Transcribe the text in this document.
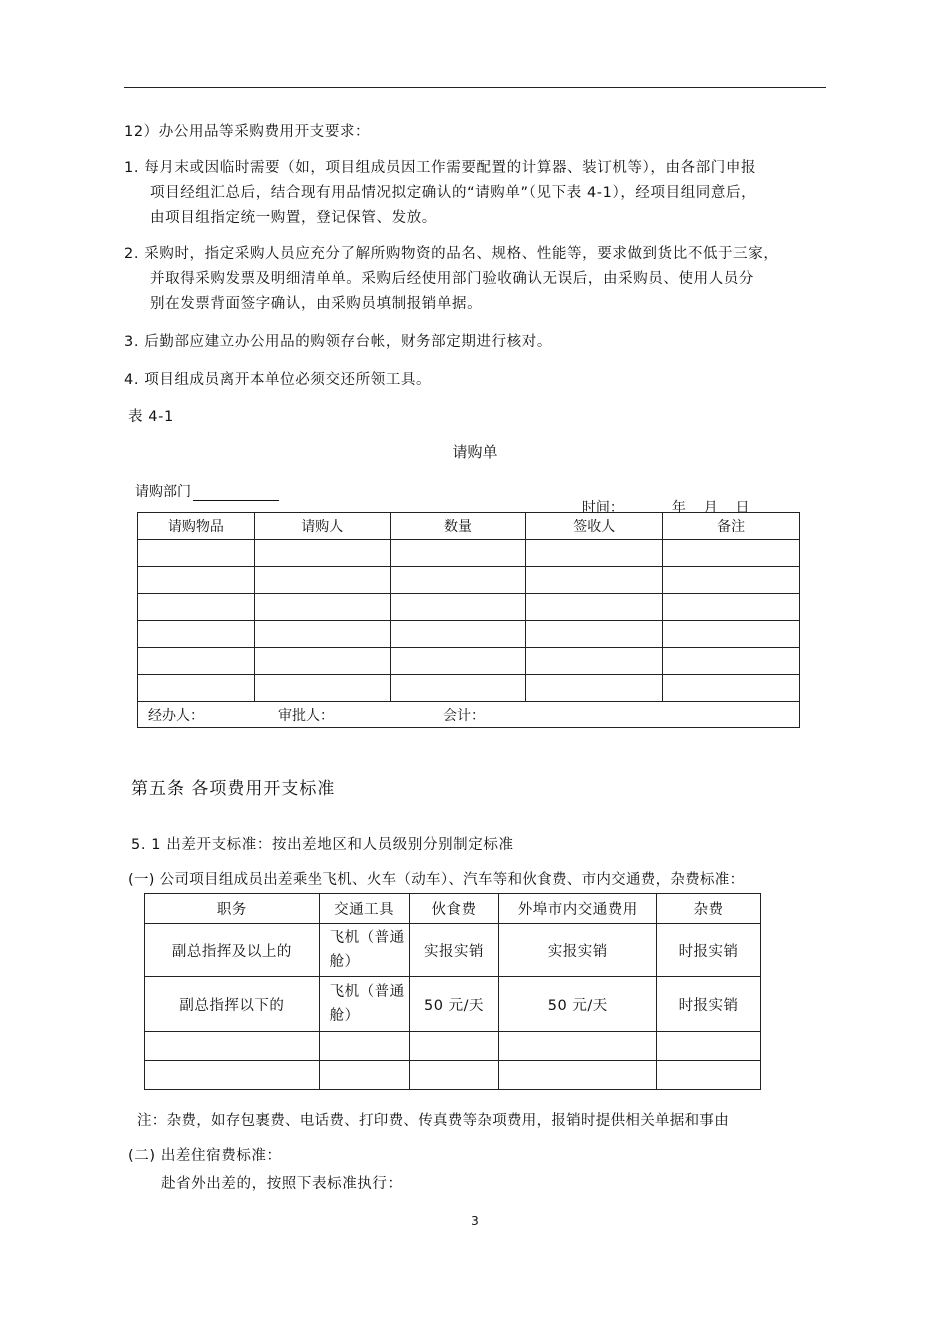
12）办公用品等采购费用开支要求：
1. 每月末或因临时需要（如，项目组成员因工作需要配置的计算器、装订机等），由各部门申报
项目经组汇总后，结合现有用品情况拟定确认的“请购单”（见下表 4-1），经项目组同意后，
由项目组指定统一购置，登记保管、发放。
2. 采购时，指定采购人员应充分了解所购物资的品名、规格、性能等，要求做到货比不低于三家，
并取得采购发票及明细清单单。采购后经使用部门验收确认无误后，由采购员、使用人员分
别在发票背面签字确认，由采购员填制报销单据。
3. 后勤部应建立办公用品的购领存台帐，财务部定期进行核对。
4. 项目组成员离开本单位必须交还所领工具。
表 4-1
请购单
请购部门

时间：	年    月    日

请购物品	请购人	数量	签收人	备注

经办人： 审批人： 会计：				
第五条 各项费用开支标准
5. 1 出差开支标准：按出差地区和人员级别分别制定标准
(一) 公司项目组成员出差乘坐飞机、火车（动车）、汽车等和伙食费、市内交通费，杂费标准：
职务	交通工具	伙食费	外埠市内交通费用	杂费
副总指挥及以上的	飞机（普通舱）	实报实销	实报实销	时报实销
副总指挥以下的	飞机（普通舱）	50 元/天	50 元/天	时报实销

注：杂费，如存包裹费、电话费、打印费、传真费等杂项费用，报销时提供相关单据和事由
(二) 出差住宿费标准：
赴省外出差的，按照下表标准执行：
3
